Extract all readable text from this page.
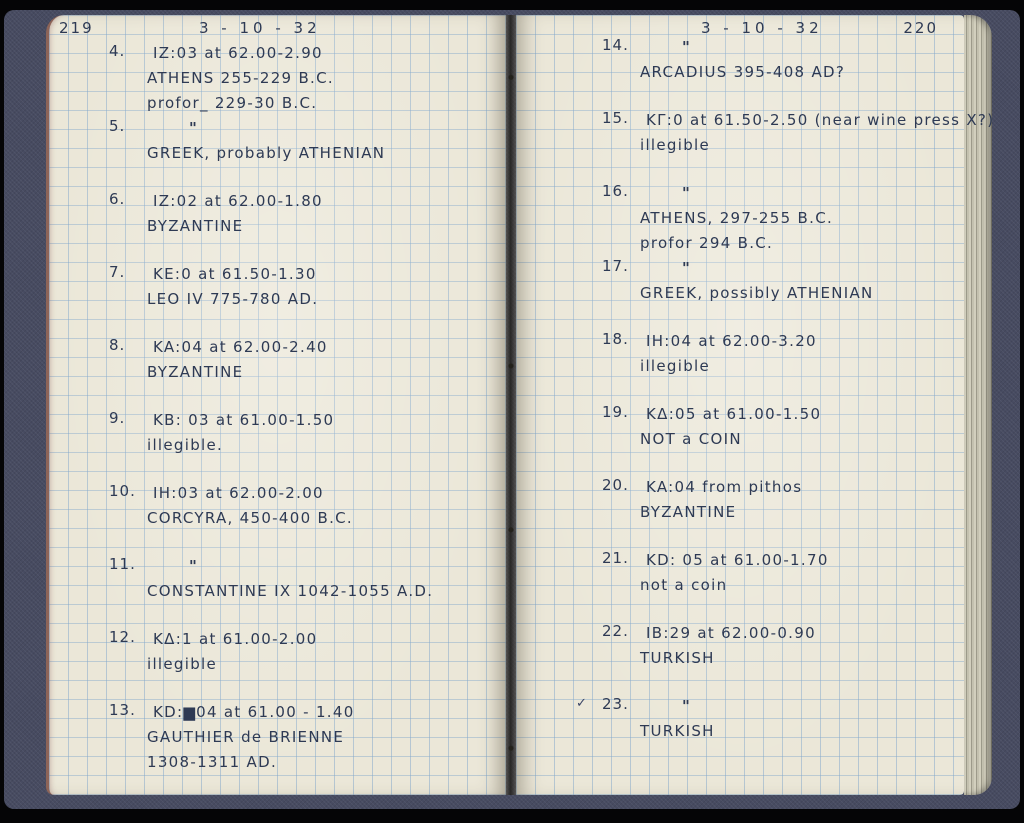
219	3 - 10 - 32
4.	IZ:03 at 62.00-2.90
ATHENS 255-229 B.C.
profor_ 229-30 B.C.
5.	"
GREEK, probably ATHENIAN
6.	IZ:02 at 62.00-1.80
BYZANTINE
7.	KE:0 at 61.50-1.30
LEO IV 775-780 AD.
8.	KA:04 at 62.00-2.40
BYZANTINE
9.	KB: 03 at 61.00-1.50
illegible.
10.	IH:03 at 62.00-2.00
CORCYRA, 450-400 B.C.
11.	"
CONSTANTINE IX 1042-1055 A.D.
12.	KΔ:1 at 61.00-2.00
illegible
13.	KD:▆04 at 61.00 - 1.40
GAUTHIER de BRIENNE
1308-1311 AD.
3 - 10 - 32	220
14.	"
ARCADIUS 395-408 AD?
15.	KΓ:0 at 61.50-2.50 (near wine press X?)
illegible
16.	"
ATHENS, 297-255 B.C.
profor 294 B.C.
17.	"
GREEK, possibly ATHENIAN
18.	IH:04 at 62.00-3.20
illegible
19.	KΔ:05 at 61.00-1.50
NOT a COIN
20.	KA:04 from pithos
BYZANTINE
21.	KD: 05 at 61.00-1.70
not a coin
22.	IB:29 at 62.00-0.90
TURKISH
✓ 23.	"
TURKISH
